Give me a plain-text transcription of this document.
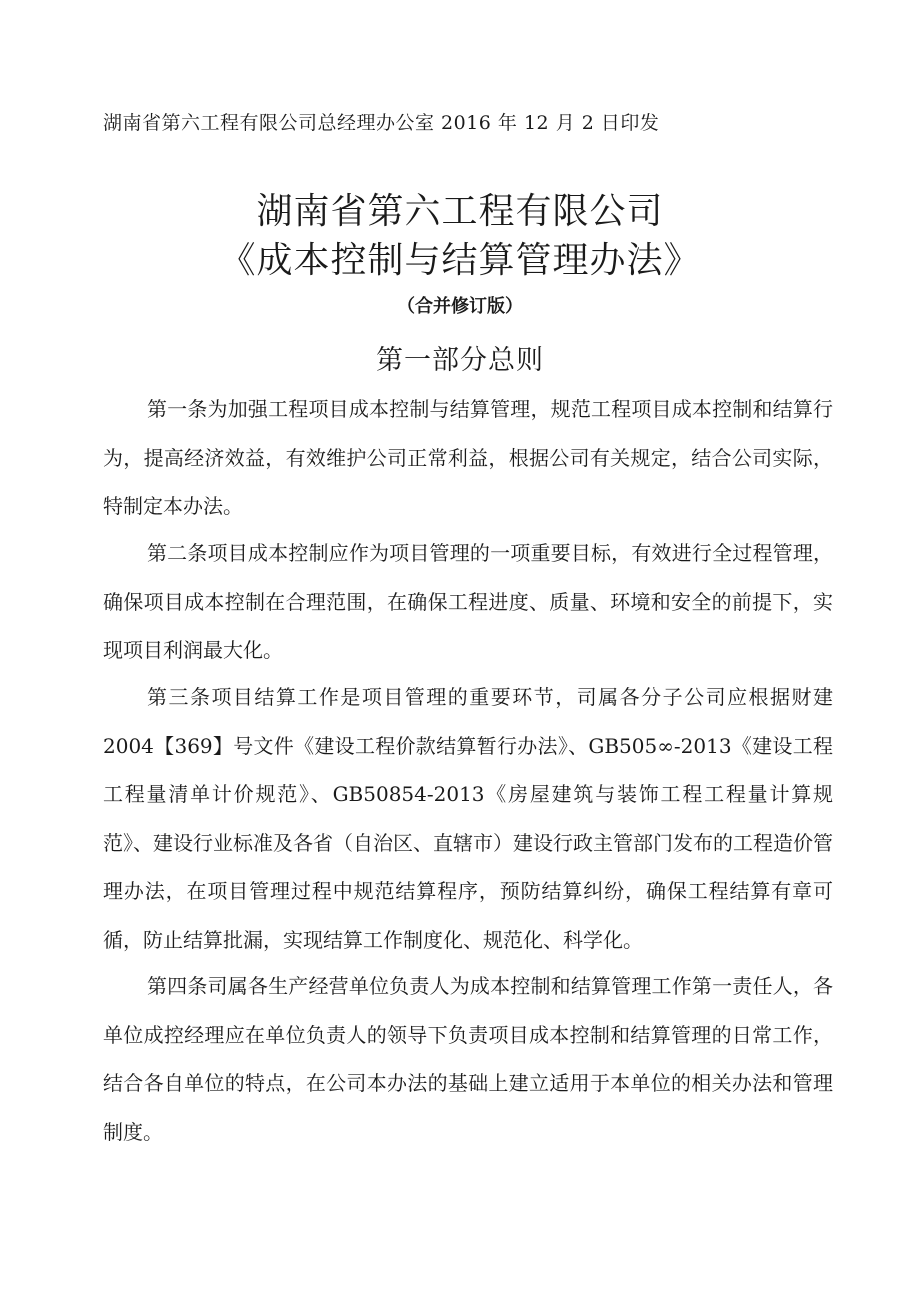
湖南省第六工程有限公司总经理办公室 2016 年 12 月 2 日印发
湖南省第六工程有限公司
《成本控制与结算管理办法》
（合并修订版）
第一部分总则

第一条为加强工程项目成本控制与结算管理，规范工程项目成本控制和结算行为，提高经济效益，有效维护公司正常利益，根据公司有关规定，结合公司实际，特制定本办法。

第二条项目成本控制应作为项目管理的一项重要目标，有效进行全过程管理，确保项目成本控制在合理范围，在确保工程进度、质量、环境和安全的前提下，实现项目利润最大化。

第三条项目结算工作是项目管理的重要环节，司属各分子公司应根据财建2004【369】号文件《建设工程价款结算暂行办法》、GB505∞-2013《建设工程工程量清单计价规范》、GB50854-2013《房屋建筑与装饰工程工程量计算规范》、建设行业标准及各省（自治区、直辖市）建设行政主管部门发布的工程造价管理办法，在项目管理过程中规范结算程序，预防结算纠纷，确保工程结算有章可循，防止结算批漏，实现结算工作制度化、规范化、科学化。

第四条司属各生产经营单位负责人为成本控制和结算管理工作第一责任人，各单位成控经理应在单位负责人的领导下负责项目成本控制和结算管理的日常工作，结合各自单位的特点，在公司本办法的基础上建立适用于本单位的相关办法和管理制度。
